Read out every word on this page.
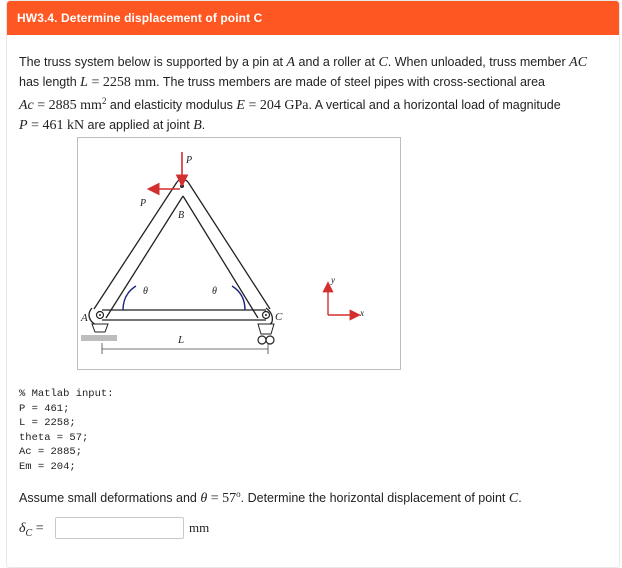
HW3.4. Determine displacement of point C
The truss system below is supported by a pin at A and a roller at C. When unloaded, truss member AC
has length L = 2258 mm. The truss members are made of steel pipes with cross-sectional area
Ac = 2885 $mm^2$ and elasticity modulus E = 204 GPa. A vertical and a horizontal load of magnitude
P = 461 kN are applied at joint B.
L
B
A	C
θ	θ
P
P
y
x
% Matlab input:
P = 461;
L = 2258;
theta = 57;
Ac = 2885;
Em = 204;
Assume small deformations and $\theta = 57^o$. Determine the horizontal displacement of point C.
$\delta_C$ =	mm
